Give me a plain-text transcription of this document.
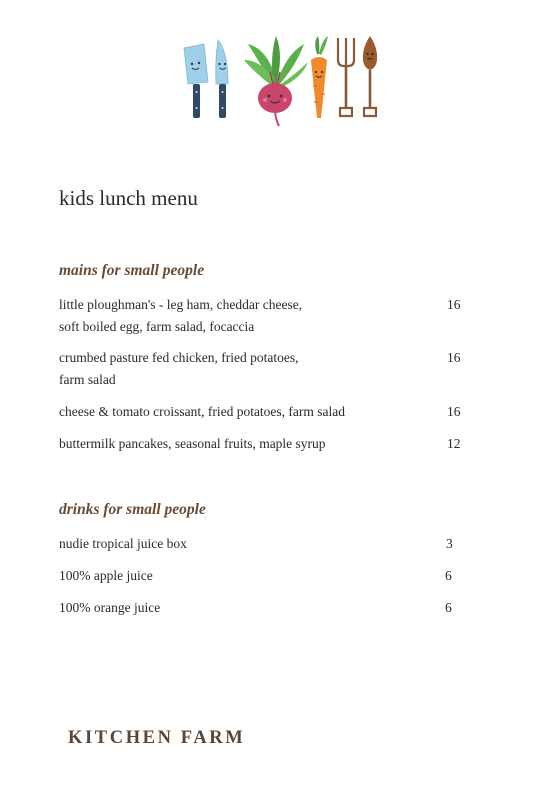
kids lunch menu
mains for small people
little ploughman's - leg ham, cheddar cheese,
soft boiled egg, farm salad, focaccia
16
crumbed pasture fed chicken, fried potatoes,
farm salad
16
cheese & tomato croissant, fried potatoes, farm salad	16
buttermilk pancakes, seasonal fruits, maple syrup	12
drinks for small people
nudie tropical juice box	3
100% apple juice	6
100% orange juice	6
KITCHEN FARM
